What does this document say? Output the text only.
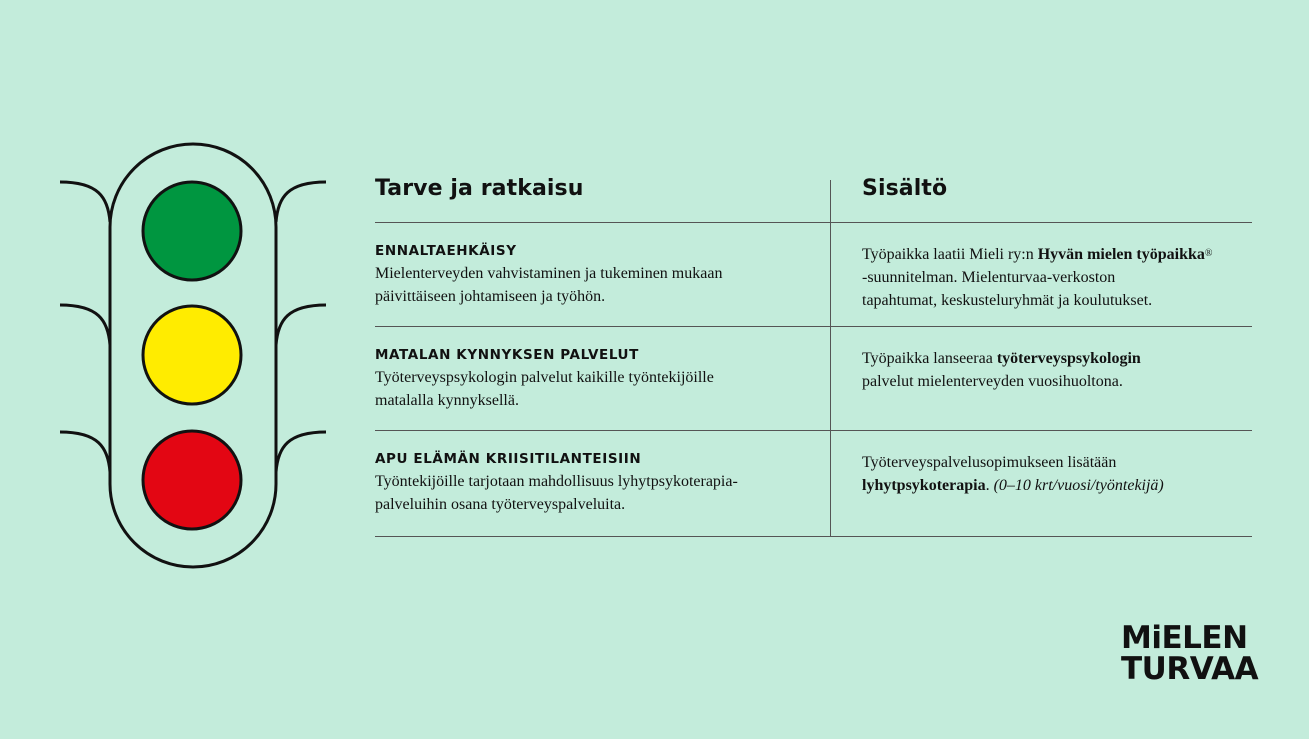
Tarve ja ratkaisu	Sisältö
ENNALTAEHKÄISY
Mielenterveyden vahvistaminen ja tukeminen mukaan
päivittäiseen johtamiseen ja työhön.
Työpaikka laatii Mieli ry:n Hyvän mielen työpaikka®
-suunnitelman. Mielenturvaa-verkoston
tapahtumat, keskusteluryhmät ja koulutukset.
MATALAN KYNNYKSEN PALVELUT
Työterveyspsykologin palvelut kaikille työntekijöille
matalalla kynnyksellä.
Työpaikka lanseeraa työterveyspsykologin
palvelut mielenterveyden vuosihuoltona.
APU ELÄMÄN KRIISITILANTEISIIN
Työntekijöille tarjotaan mahdollisuus lyhytpsykoterapia-
palveluihin osana työterveyspalveluita.
Työterveyspalvelusopimukseen lisätään
lyhytpsykoterapia. (0–10 krt/vuosi/työntekijä)
MiELEN
TURVAA
